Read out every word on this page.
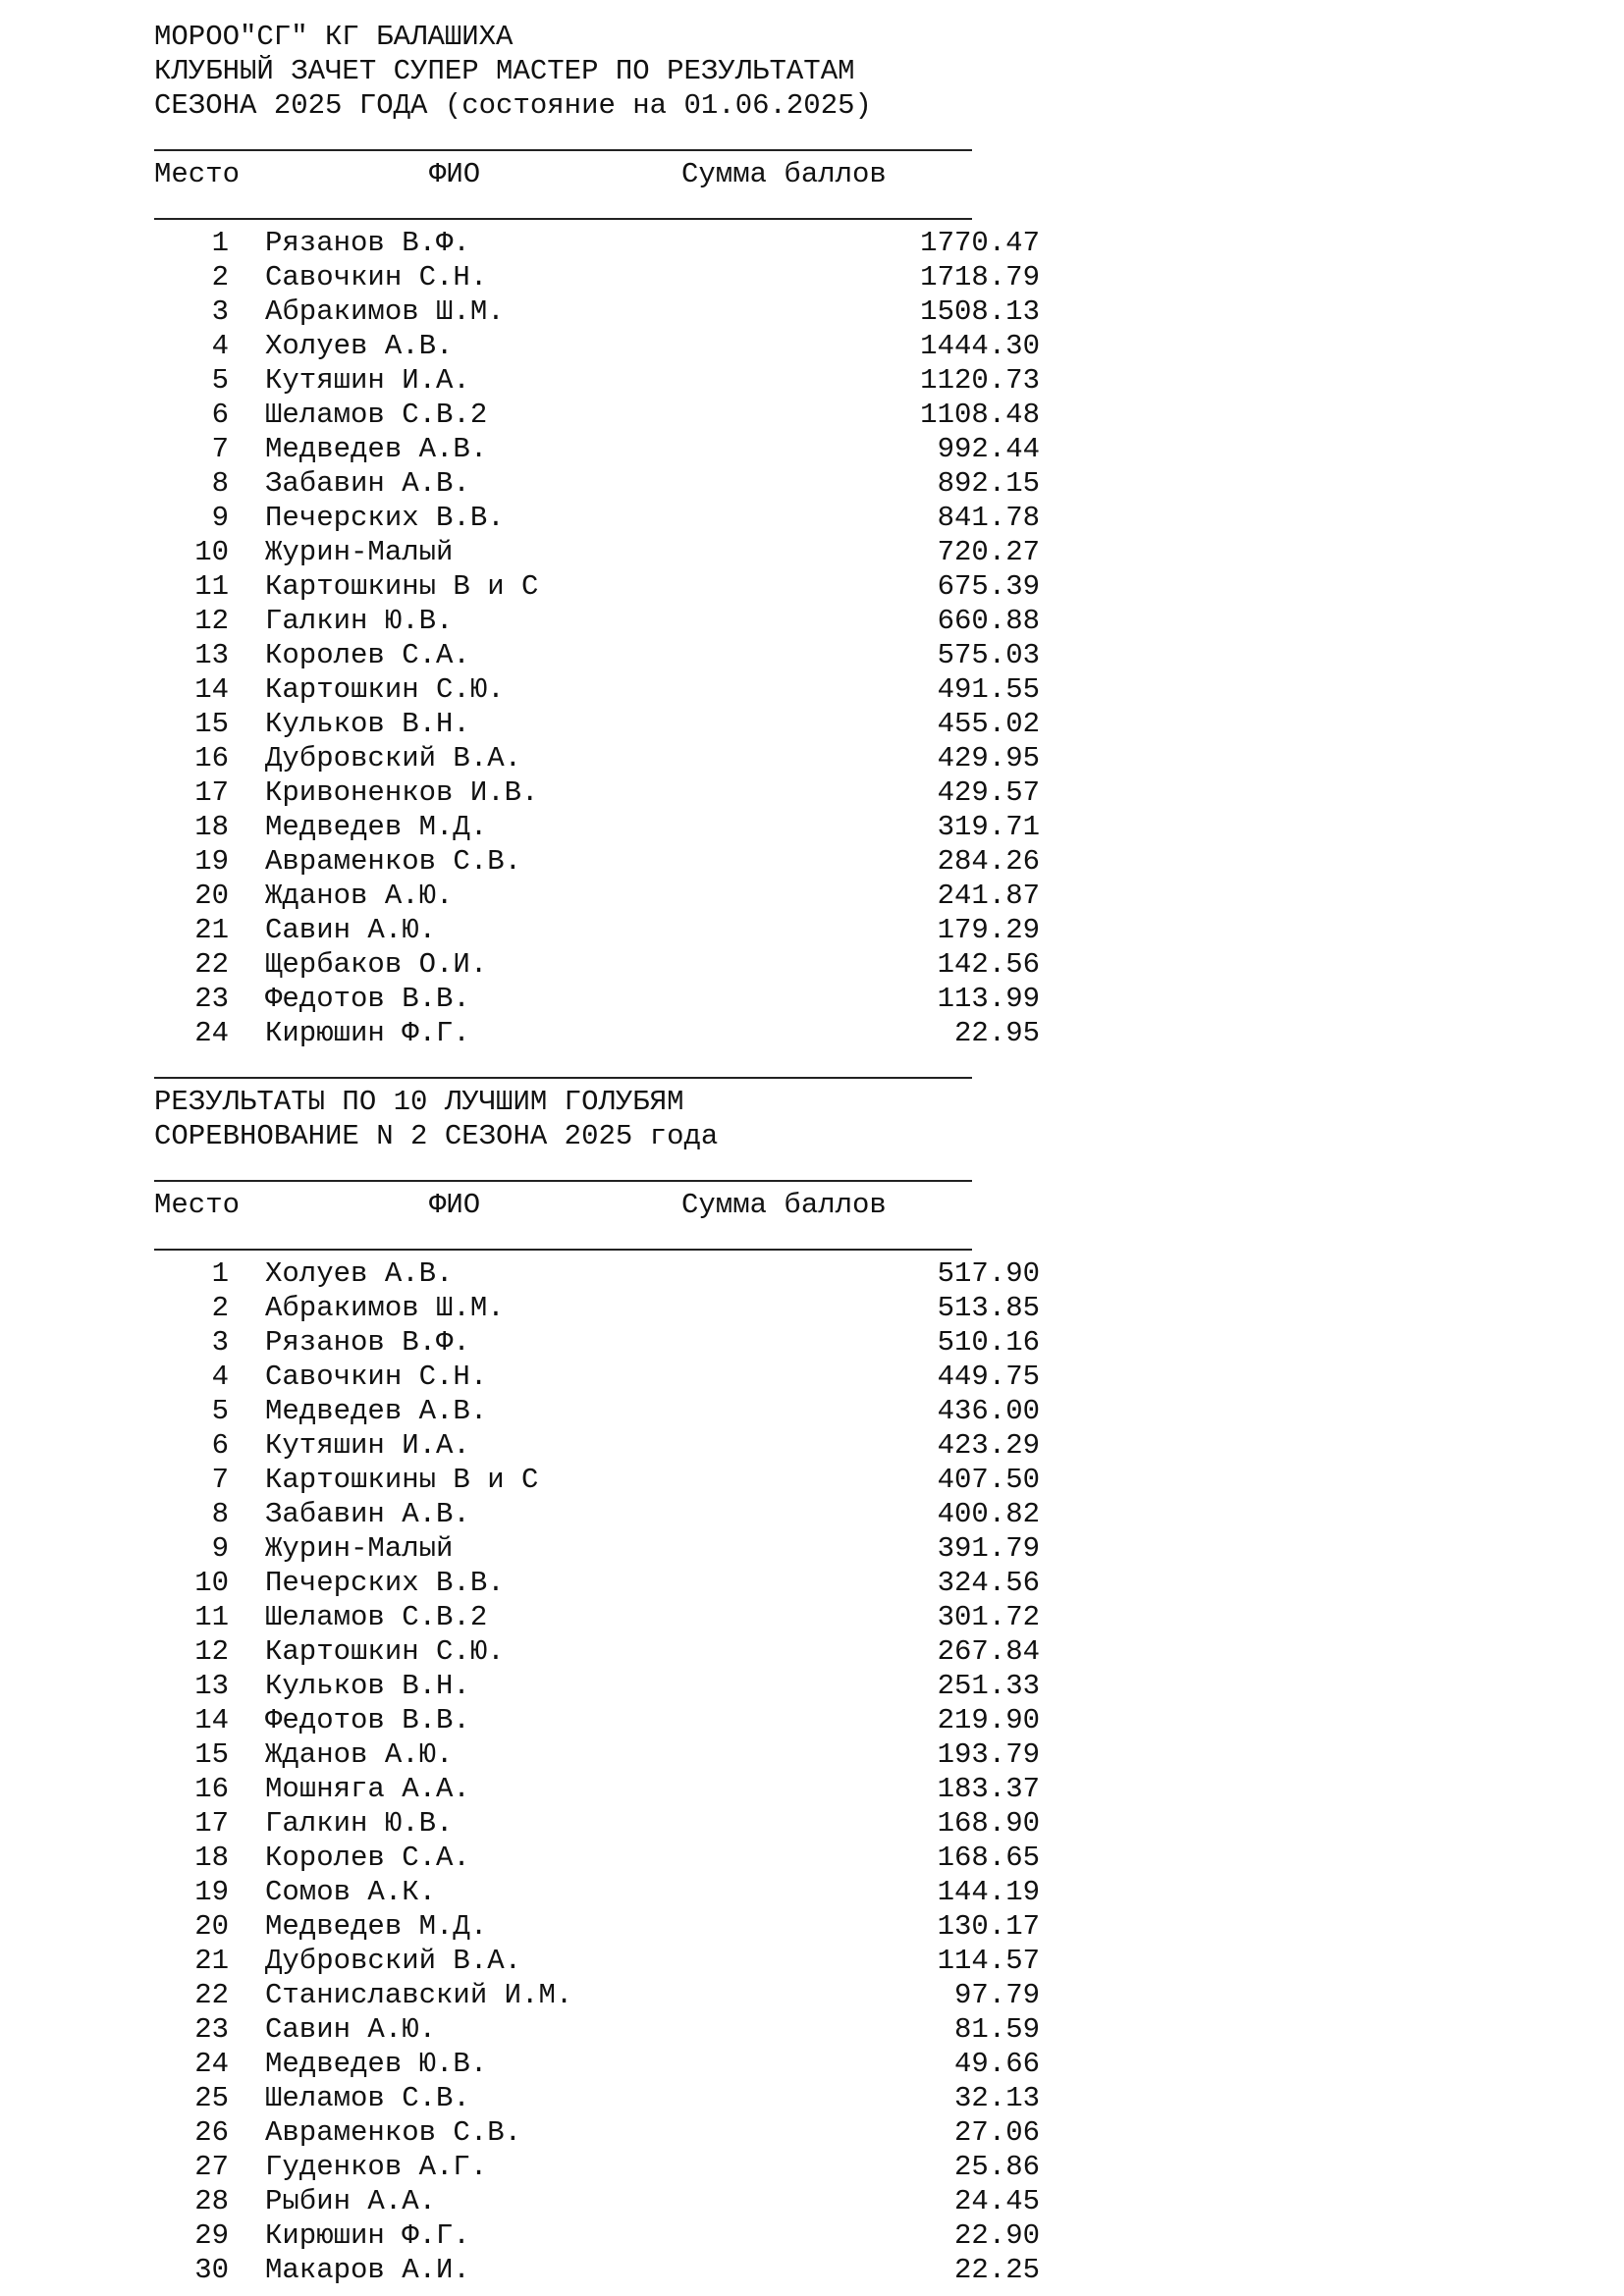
МОРОО"СГ" КГ БАЛАШИХА
КЛУБНЫЙ ЗАЧЕТ СУПЕР МАСТЕР ПО РЕЗУЛЬТАТАМ
СЕЗОНА 2025 ГОДА (состояние на 01.06.2025)
Место	ФИО	Сумма баллов
1 Рязанов В.Ф.	1770.47
2 Савочкин С.Н.	1718.79
3 Абракимов Ш.М.	1508.13
4 Холуев А.В.	1444.30
5 Кутяшин И.А.	1120.73
6 Шеламов С.В.2	1108.48
7 Медведев А.В.	992.44
8 Забавин А.В.	892.15
9 Печерских В.В.	841.78
10 Журин-Малый	720.27
11 Картошкины В и С	675.39
12 Галкин Ю.В.	660.88
13 Королев С.А.	575.03
14 Картошкин С.Ю.	491.55
15 Кульков В.Н.	455.02
16 Дубровский В.А.	429.95
17 Кривоненков И.В.	429.57
18 Медведев М.Д.	319.71
19 Авраменков С.В.	284.26
20 Жданов А.Ю.	241.87
21 Савин А.Ю.	179.29
22 Щербаков О.И.	142.56
23 Федотов В.В.	113.99
24 Кирюшин Ф.Г.	22.95
РЕЗУЛЬТАТЫ ПО 10 ЛУЧШИМ ГОЛУБЯМ
СОРЕВНОВАНИЕ N 2 СЕЗОНА 2025 года
Место	ФИО	Сумма баллов
1 Холуев А.В.	517.90
2 Абракимов Ш.М.	513.85
3 Рязанов В.Ф.	510.16
4 Савочкин С.Н.	449.75
5 Медведев А.В.	436.00
6 Кутяшин И.А.	423.29
7 Картошкины В и С	407.50
8 Забавин А.В.	400.82
9 Журин-Малый	391.79
10 Печерских В.В.	324.56
11 Шеламов С.В.2	301.72
12 Картошкин С.Ю.	267.84
13 Кульков В.Н.	251.33
14 Федотов В.В.	219.90
15 Жданов А.Ю.	193.79
16 Мошняга А.А.	183.37
17 Галкин Ю.В.	168.90
18 Королев С.А.	168.65
19 Сомов А.К.	144.19
20 Медведев М.Д.	130.17
21 Дубровский В.А.	114.57
22 Станиславский И.М.	97.79
23 Савин А.Ю.	81.59
24 Медведев Ю.В.	49.66
25 Шеламов С.В.	32.13
26 Авраменков С.В.	27.06
27 Гуденков А.Г.	25.86
28 Рыбин А.А.	24.45
29 Кирюшин Ф.Г.	22.90
30 Макаров А.И.	22.25
